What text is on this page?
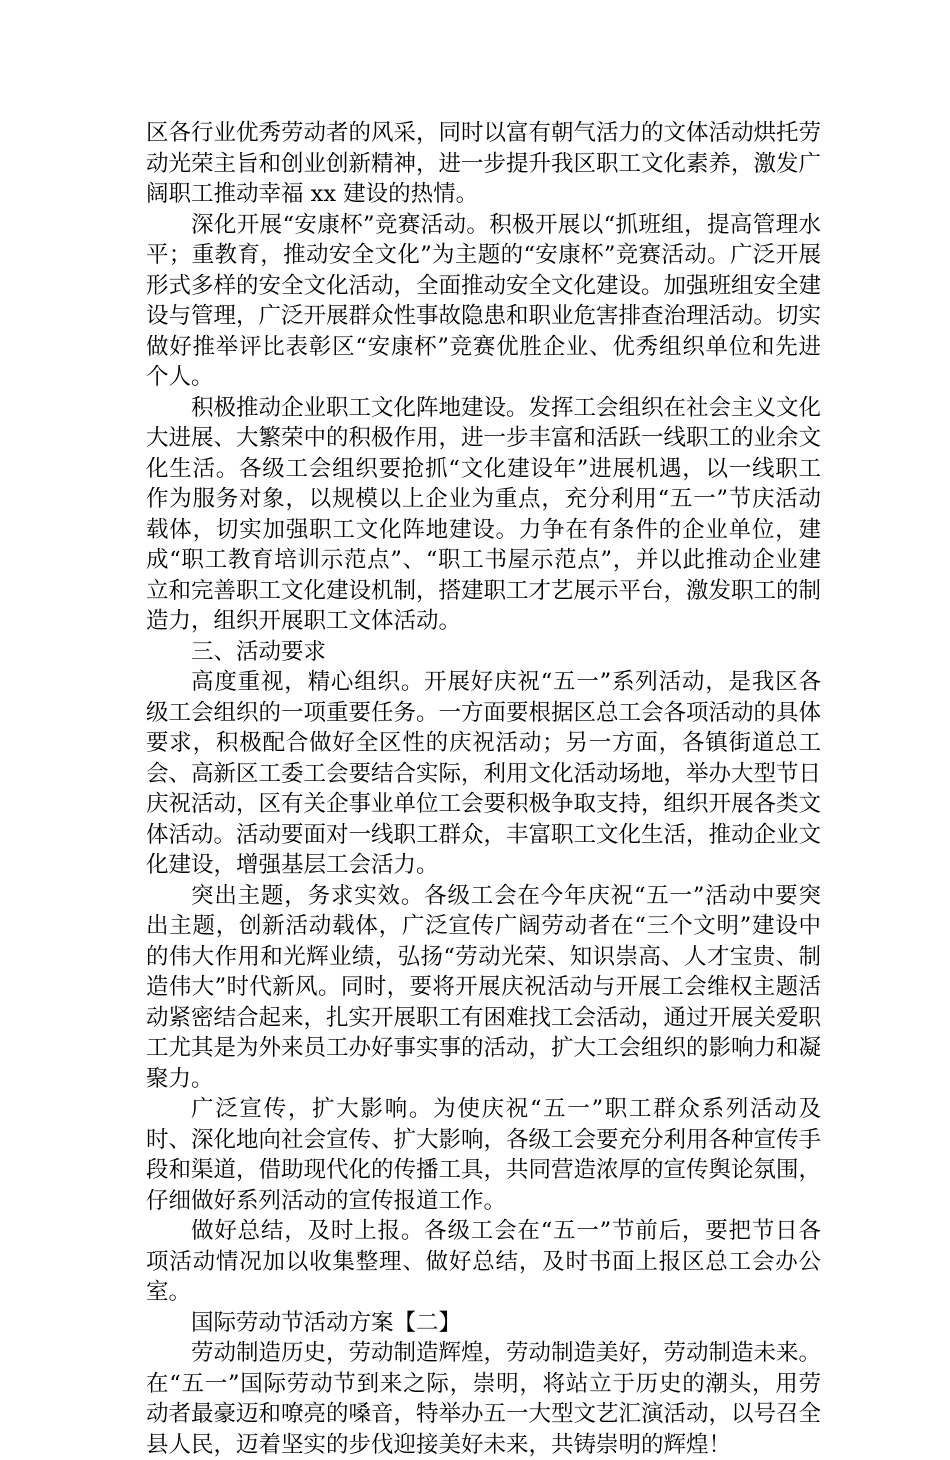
区各行业优秀劳动者的风采，同时以富有朝气活力的文体活动烘托劳动光荣主旨和创业创新精神，进一步提升我区职工文化素养，激发广阔职工推动幸福 xx 建设的热情。

深化开展“安康杯”竞赛活动。积极开展以“抓班组，提高管理水平；重教育，推动安全文化”为主题的“安康杯”竞赛活动。广泛开展形式多样的安全文化活动，全面推动安全文化建设。加强班组安全建设与管理，广泛开展群众性事故隐患和职业危害排查治理活动。切实做好推举评比表彰区“安康杯”竞赛优胜企业、优秀组织单位和先进个人。

积极推动企业职工文化阵地建设。发挥工会组织在社会主义文化大进展、大繁荣中的积极作用，进一步丰富和活跃一线职工的业余文化生活。各级工会组织要抢抓“文化建设年”进展机遇，以一线职工作为服务对象，以规模以上企业为重点，充分利用“五一”节庆活动载体，切实加强职工文化阵地建设。力争在有条件的企业单位，建成“职工教育培训示范点”、“职工书屋示范点”，并以此推动企业建立和完善职工文化建设机制，搭建职工才艺展示平台，激发职工的制造力，组织开展职工文体活动。

三、活动要求

高度重视，精心组织。开展好庆祝“五一”系列活动，是我区各级工会组织的一项重要任务。一方面要根据区总工会各项活动的具体要求，积极配合做好全区性的庆祝活动；另一方面，各镇街道总工会、高新区工委工会要结合实际，利用文化活动场地，举办大型节日庆祝活动，区有关企事业单位工会要积极争取支持，组织开展各类文体活动。活动要面对一线职工群众，丰富职工文化生活，推动企业文化建设，增强基层工会活力。

突出主题，务求实效。各级工会在今年庆祝“五一”活动中要突出主题，创新活动载体，广泛宣传广阔劳动者在“三个文明”建设中的伟大作用和光辉业绩，弘扬“劳动光荣、知识崇高、人才宝贵、制造伟大”时代新风。同时，要将开展庆祝活动与开展工会维权主题活动紧密结合起来，扎实开展职工有困难找工会活动，通过开展关爱职工尤其是为外来员工办好事实事的活动，扩大工会组织的影响力和凝聚力。

广泛宣传，扩大影响。为使庆祝“五一”职工群众系列活动及时、深化地向社会宣传、扩大影响，各级工会要充分利用各种宣传手段和渠道，借助现代化的传播工具，共同营造浓厚的宣传舆论氛围，仔细做好系列活动的宣传报道工作。

做好总结，及时上报。各级工会在“五一”节前后，要把节日各项活动情况加以收集整理、做好总结，及时书面上报区总工会办公室。

国际劳动节活动方案【二】

劳动制造历史，劳动制造辉煌，劳动制造美好，劳动制造未来。在“五一”国际劳动节到来之际，崇明，将站立于历史的潮头，用劳动者最豪迈和嘹亮的嗓音，特举办五一大型文艺汇演活动，以号召全县人民，迈着坚实的步伐迎接美好未来，共铸崇明的辉煌！
